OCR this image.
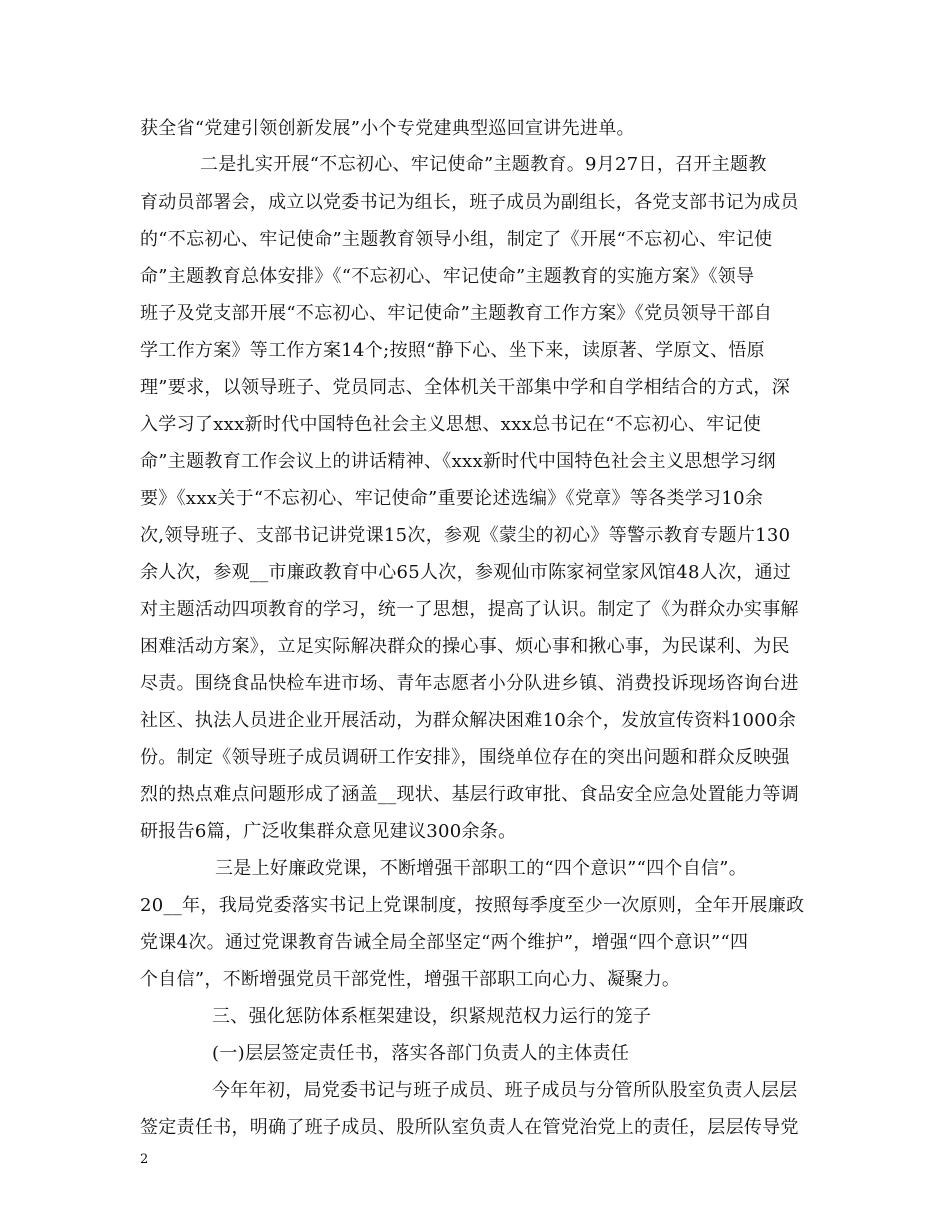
获全省“党建引领创新发展”小个专党建典型巡回宣讲先进单。
二是扎实开展“不忘初心、牢记使命”主题教育。9月27日，召开主题教
育动员部署会，成立以党委书记为组长，班子成员为副组长，各党支部书记为成员
的“不忘初心、牢记使命”主题教育领导小组，制定了《开展“不忘初心、牢记使
命”主题教育总体安排》《“不忘初心、牢记使命”主题教育的实施方案》《领导
班子及党支部开展“不忘初心、牢记使命”主题教育工作方案》《党员领导干部自
学工作方案》等工作方案14个;按照“静下心、坐下来，读原著、学原文、悟原
理”要求，以领导班子、党员同志、全体机关干部集中学和自学相结合的方式，深
入学习了xxx新时代中国特色社会主义思想、xxx总书记在“不忘初心、牢记使
命”主题教育工作会议上的讲话精神、《xxx新时代中国特色社会主义思想学习纲
要》《xxx关于“不忘初心、牢记使命”重要论述选编》《党章》等各类学习10余
次,领导班子、支部书记讲党课15次，参观《蒙尘的初心》等警示教育专题片130
余人次，参观__市廉政教育中心65人次，参观仙市陈家祠堂家风馆48人次，通过
对主题活动四项教育的学习，统一了思想，提高了认识。制定了《为群众办实事解
困难活动方案》，立足实际解决群众的操心事、烦心事和揪心事，为民谋利、为民
尽责。围绕食品快检车进市场、青年志愿者小分队进乡镇、消费投诉现场咨询台进
社区、执法人员进企业开展活动，为群众解决困难10余个，发放宣传资料1000余
份。制定《领导班子成员调研工作安排》，围绕单位存在的突出问题和群众反映强
烈的热点难点问题形成了涵盖__现状、基层行政审批、食品安全应急处置能力等调
研报告6篇，广泛收集群众意见建议300余条。
三是上好廉政党课，不断增强干部职工的“四个意识”“四个自信”。
20__年，我局党委落实书记上党课制度，按照每季度至少一次原则，全年开展廉政
党课4次。通过党课教育告诫全局全部坚定“两个维护”，增强“四个意识”“四
个自信”，不断增强党员干部党性，增强干部职工向心力、凝聚力。
三、强化惩防体系框架建设，织紧规范权力运行的笼子
(一)层层签定责任书，落实各部门负责人的主体责任
今年年初，局党委书记与班子成员、班子成员与分管所队股室负责人层层
签定责任书，明确了班子成员、股所队室负责人在管党治党上的责任，层层传导党
2
